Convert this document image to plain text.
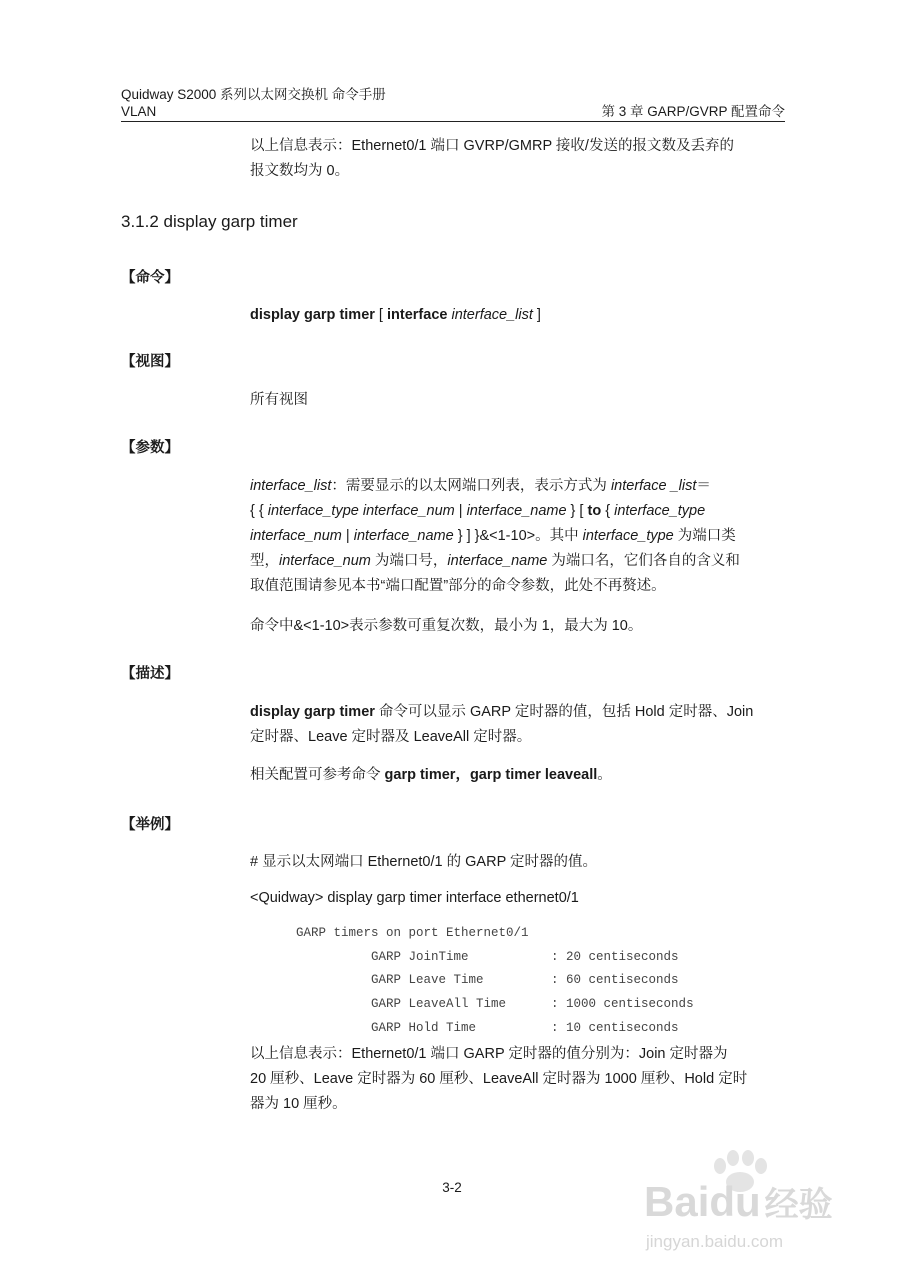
Quidway S2000 系列以太网交换机 命令手册
VLAN	第 3 章 GARP/GVRP 配置命令
以上信息表示：Ethernet0/1 端口 GVRP/GMRP 接收/发送的报文数及丢弃的
报文数均为 0。
3.1.2 display garp timer
【命令】
display garp timer [ interface interface_list ]
【视图】
所有视图
【参数】
interface_list：需要显示的以太网端口列表，表示方式为 interface _list＝
{ { interface_type interface_num | interface_name } [ to { interface_type
interface_num | interface_name } ] }&<1-10>。其中 interface_type 为端口类
型，interface_num 为端口号，interface_name 为端口名，它们各自的含义和
取值范围请参见本书“端口配置”部分的命令参数，此处不再赘述。
命令中&<1-10>表示参数可重复次数，最小为 1，最大为 10。
【描述】
display garp timer 命令可以显示 GARP 定时器的值，包括 Hold 定时器、Join
定时器、Leave 定时器及 LeaveAll 定时器。
相关配置可参考命令 garp timer，garp timer leaveall。
【举例】
# 显示以太网端口 Ethernet0/1 的 GARP 定时器的值。
<Quidway> display garp timer interface ethernet0/1
GARP timers on port Ethernet0/1
GARP JoinTime           : 20 centiseconds
GARP Leave Time         : 60 centiseconds
GARP LeaveAll Time      : 1000 centiseconds
GARP Hold Time          : 10 centiseconds
以上信息表示：Ethernet0/1 端口 GARP 定时器的值分别为：Join 定时器为
20 厘秒、Leave 定时器为 60 厘秒、LeaveAll 定时器为 1000 厘秒、Hold 定时
器为 10 厘秒。
3-2	Baidu 经验
jingyan.baidu.com
